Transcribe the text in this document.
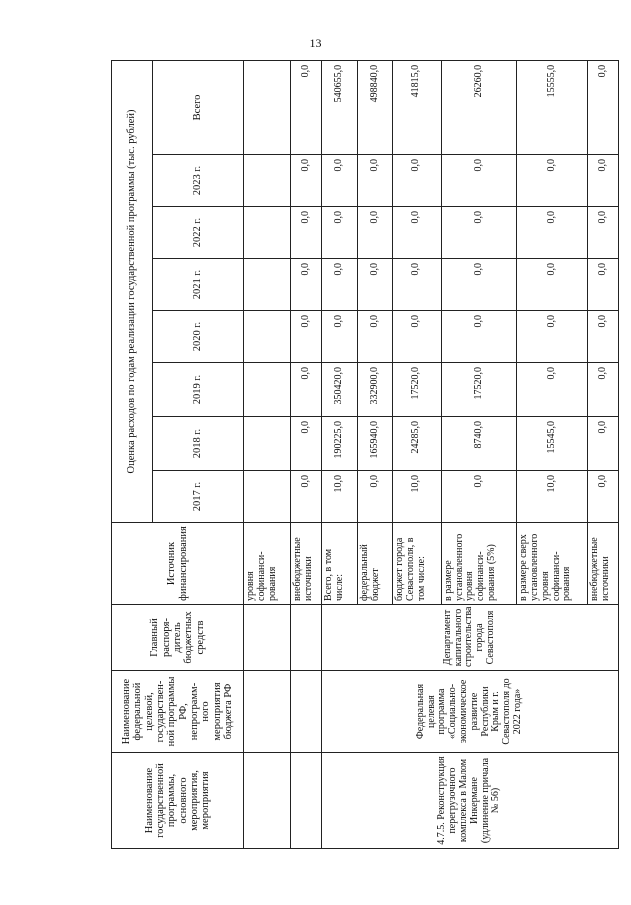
13
Наименование государственной программы, основного мероприятия, мероприятия	Наименование федеральной целевой, государствен-ной программы РФ, непрограмм-ного мероприятия бюджета РФ	Главный распоря-дитель бюджетных средств	Источник финансирования	Оценка расходов по годам реализации государственной программы (тыс. рублей)							
				2017 г.	2018 г.	2019 г.	2020 г.	2021 г.	2022 г.	2023 г.	Всего
			уровня софинанси-рования								
			внебюджетные источники	0,0	0,0	0,0	0,0	0,0	0,0	0,0	0,0
4.7.5. Реконструкция перегрузочного комплекса в Малом Инкермане (удлинение причала № 56)	Федеральная целевая программа «Социально-экономическое развитие Республики Крым и г. Севастополя до 2022 года»	Департамент капитального строительства города Севастополя	Всего, в том числе:	10,0	190225,0	350420,0	0,0	0,0	0,0	0,0	540655,0
			федеральный бюджет	0,0	165940,0	332900,0	0,0	0,0	0,0	0,0	498840,0
			бюджет города Севастополя, в том числе:	10,0	24285,0	17520,0	0,0	0,0	0,0	0,0	41815,0
			в размере установленного уровня софинанси-рования (5%)	0,0	8740,0	17520,0	0,0	0,0	0,0	0,0	26260,0
			в размере сверх установленного уровня софинанси-рования	10,0	15545,0	0,0	0,0	0,0	0,0	0,0	15555,0
			внебюджетные источники	0,0	0,0	0,0	0,0	0,0	0,0	0,0	0,0
